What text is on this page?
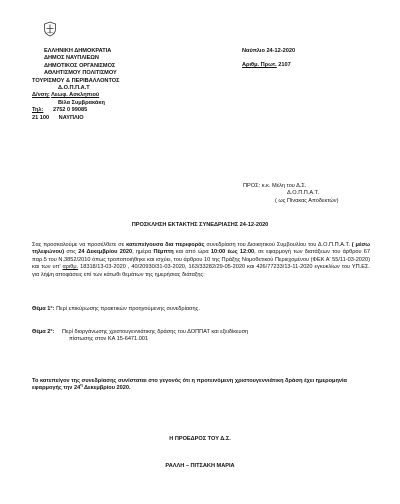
ΕΛΛΗΝΙΚΗ ΔΗΜΟΚΡΑΤΙΑ
ΔΗΜΟΣ ΝΑΥΠΛΙΕΩΝ
ΔΗΜΟΤΙΚΟΣ ΟΡΓΑΝΙΣΜΟΣ
ΑΘΛΗΤΙΣΜΟΥ ΠΟΛΙΤΙΣΜΟΥ
ΤΟΥΡΙΣΜΟΥ & ΠΕΡΙΒΑΛΛΟΝΤΟΣ
Δ.Ο.Π.Π.Α.Τ
Δ/νση: Λεωφ. Ασκληπιού
Βίλα Συμβρακάκη
Τηλ: 2752 0 99085
21 100 ΝΑΥΠΛΙΟ
Ναύπλιο 24-12-2020
Αριθμ. Πρωτ. 2107
ΠΡΟΣ: κ.κ. Μέλη του Δ.Σ.
Δ.Ο.Π.Π.Α.Τ.
( ως Πίνακας Αποδεκτών)
ΠΡΟΣΚΛΗΣΗ ΕΚΤΑΚΤΗΣ ΣΥΝΕΔΡΙΑΣΗΣ 24-12-2020

Σας προσκαλούμε να προσέλθετε σε κατεπείγουσα δια περιφοράς συνεδρίαση του Διοικητικού Συμβουλίου του Δ.Ο.Π.Π.Α.Τ. ( μέσω τηλεφώνου) στις 24 Δεκεμβρίου 2020, ημέρα Πέμπτη και από ώρα 10:00 έως 12:00, σε εφαρμογή των διατάξεων του άρθρου 67 παρ.5 του Ν.3852/2010 όπως τροποποιήθηκε και ισχύει, του άρθρου 10 της Πράξης Νομοθετικού Περιεχομένου (ΦΕΚ Α' 55/11-03-2020) και των υπ' αριθμ. 18318/13-03-2020 , 40/20930/31-03-2020, 163/33282/29-05-2020 και 426/77233/13-11-2020 εγκυκλίων του ΥΠ.ΕΣ. για λήψη αποφάσεις επί των κάτωθι θεμάτων της ημερήσιας διάταξης:

Θέμα 1°: Περί επικύρωσης πρακτικών προηγούμενης συνεδρίασης.
Θέμα 2°: Περί διοργάνωσης χριστουγεννιάτικης δράσης του ΔΟΠΠΑΤ και εξειδίκευση
πίστωσης στον ΚΑ 15-6471.001
Το κατεπείγον της συνεδρίασης συνίσταται στο γεγονός ότι η προτεινόμενη χριστουγεννιάτικη δράση έχει ημερομηνία εφαρμογής την $24^\eta$ Δεκεμβρίου 2020.
Η ΠΡΟΕΔΡΟΣ ΤΟΥ Δ.Σ.
ΡΑΛΛΗ – ΠΙΤΣΑΚΗ ΜΑΡΙΑ
